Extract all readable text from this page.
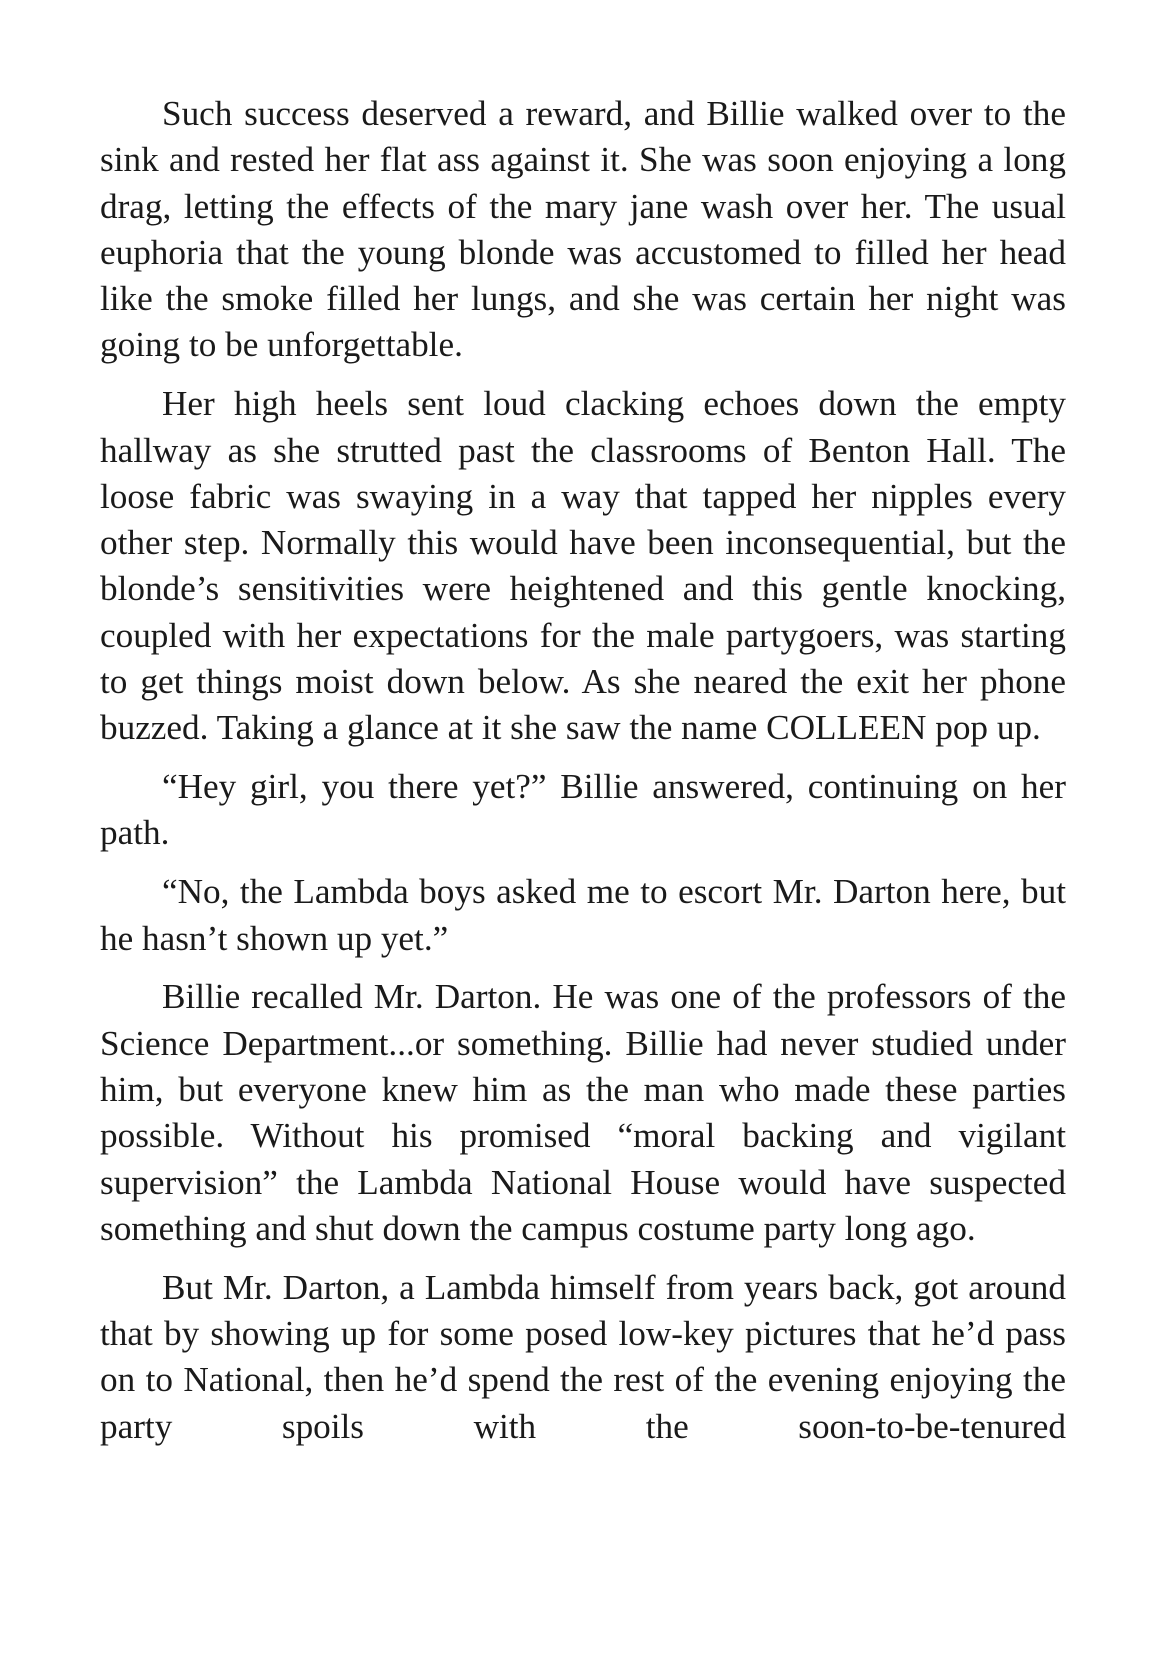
Such success deserved a reward, and Billie walked over to the sink and rested her flat ass against it. She was soon enjoying a long drag, letting the effects of the mary jane wash over her. The usual euphoria that the young blonde was accustomed to filled her head like the smoke filled her lungs, and she was certain her night was going to be unforgettable.

Her high heels sent loud clacking echoes down the empty hallway as she strutted past the classrooms of Benton Hall. The loose fabric was swaying in a way that tapped her nipples every other step. Normally this would have been inconsequential, but the blonde’s sensitivities were heightened and this gentle knocking, coupled with her expectations for the male partygoers, was starting to get things moist down below. As she neared the exit her phone buzzed. Taking a glance at it she saw the name COLLEEN pop up.

“Hey girl, you there yet?” Billie answered, continuing on her path.

“No, the Lambda boys asked me to escort Mr. Darton here, but he hasn’t shown up yet.”

Billie recalled Mr. Darton. He was one of the professors of the Science Department...or something. Billie had never studied under him, but everyone knew him as the man who made these parties possible. Without his promised “moral backing and vigilant supervision” the Lambda National House would have suspected something and shut down the campus costume party long ago.

But Mr. Darton, a Lambda himself from years back, got around that by showing up for some posed low-key pictures that he’d pass on to National, then he’d spend the rest of the evening enjoying the party spoils with the soon-to-be-tenured
